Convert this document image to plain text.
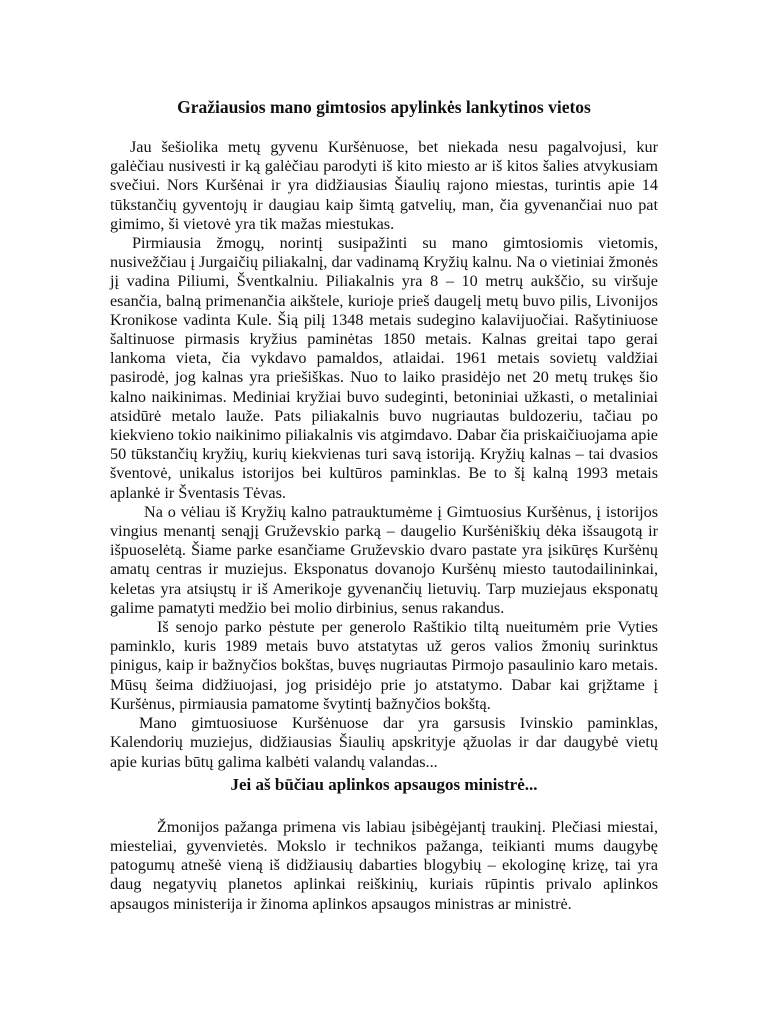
Gražiausios mano gimtosios apylinkės lankytinos vietos

Jau šešiolika metų gyvenu Kuršėnuose, bet niekada nesu pagalvojusi, kur galėčiau nusivesti ir ką galėčiau parodyti iš kito miesto ar iš kitos šalies atvykusiam svečiui. Nors Kuršėnai ir yra didžiausias Šiaulių rajono miestas, turintis apie 14 tūkstančių gyventojų ir daugiau kaip šimtą gatvelių, man, čia gyvenančiai nuo pat gimimo, ši vietovė yra tik mažas miestukas.

Pirmiausia žmogų, norintį susipažinti su mano gimtosiomis vietomis, nusivežčiau į Jurgaičių piliakalnį, dar vadinamą Kryžių kalnu. Na o vietiniai žmonės jį vadina Piliumi, Šventkalniu. Piliakalnis yra 8 – 10 metrų aukščio, su viršuje esančia, balną primenančia aikštele, kurioje prieš daugelį metų buvo pilis, Livonijos Kronikose vadinta Kule. Šią pilį 1348 metais sudegino kalavijuočiai. Rašytiniuose šaltinuose pirmasis kryžius paminėtas 1850 metais. Kalnas greitai tapo gerai lankoma vieta, čia vykdavo pamaldos, atlaidai. 1961 metais sovietų valdžiai pasirodė, jog kalnas yra priešiškas. Nuo to laiko prasidėjo net 20 metų trukęs šio kalno naikinimas. Mediniai kryžiai buvo sudeginti, betoniniai užkasti, o metaliniai atsidūrė metalo lauže. Pats piliakalnis buvo nugriautas buldozeriu, tačiau po kiekvieno tokio naikinimo piliakalnis vis atgimdavo. Dabar čia priskaičiuojama apie 50 tūkstančių kryžių, kurių kiekvienas turi savą istoriją. Kryžių kalnas – tai dvasios šventovė, unikalus istorijos bei kultūros paminklas. Be to šį kalną 1993 metais aplankė ir Šventasis Tėvas.

Na o vėliau iš Kryžių kalno patrauktumėme į Gimtuosius Kuršėnus, į istorijos vingius menantį senąjį Gruževskio parką – daugelio Kuršėniškių dėka išsaugotą ir išpuoselėtą. Šiame parke esančiame Gruževskio dvaro pastate yra įsikūręs Kuršėnų amatų centras ir muziejus. Eksponatus dovanojo Kuršėnų miesto tautodailininkai, keletas yra atsiųstų ir iš Amerikoje gyvenančių lietuvių. Tarp muziejaus eksponatų galime pamatyti medžio bei molio dirbinius, senus rakandus.

Iš senojo parko pėstute per generolo Raštikio tiltą nueitumėm prie Vyties paminklo, kuris 1989 metais buvo atstatytas už geros valios žmonių surinktus pinigus, kaip ir bažnyčios bokštas, buvęs nugriautas Pirmojo pasaulinio karo metais. Mūsų šeima didžiuojasi, jog prisidėjo prie jo atstatymo. Dabar kai grįžtame į Kuršėnus, pirmiausia pamatome švytintį bažnyčios bokštą.

Mano gimtuosiuose Kuršėnuose dar yra garsusis Ivinskio paminklas, Kalendorių muziejus, didžiausias Šiaulių apskrityje ąžuolas ir dar daugybė vietų apie kurias būtų galima kalbėti valandų valandas...

Jei aš būčiau aplinkos apsaugos ministrė...

Žmonijos pažanga primena vis labiau įsibėgėjantį traukinį. Plečiasi miestai, miesteliai, gyvenvietės. Mokslo ir technikos pažanga, teikianti mums daugybę patogumų atnešė vieną iš didžiausių dabarties blogybių – ekologinę krizę, tai yra daug negatyvių planetos aplinkai reiškinių, kuriais rūpintis privalo aplinkos apsaugos ministerija ir žinoma aplinkos apsaugos ministras ar ministrė.
